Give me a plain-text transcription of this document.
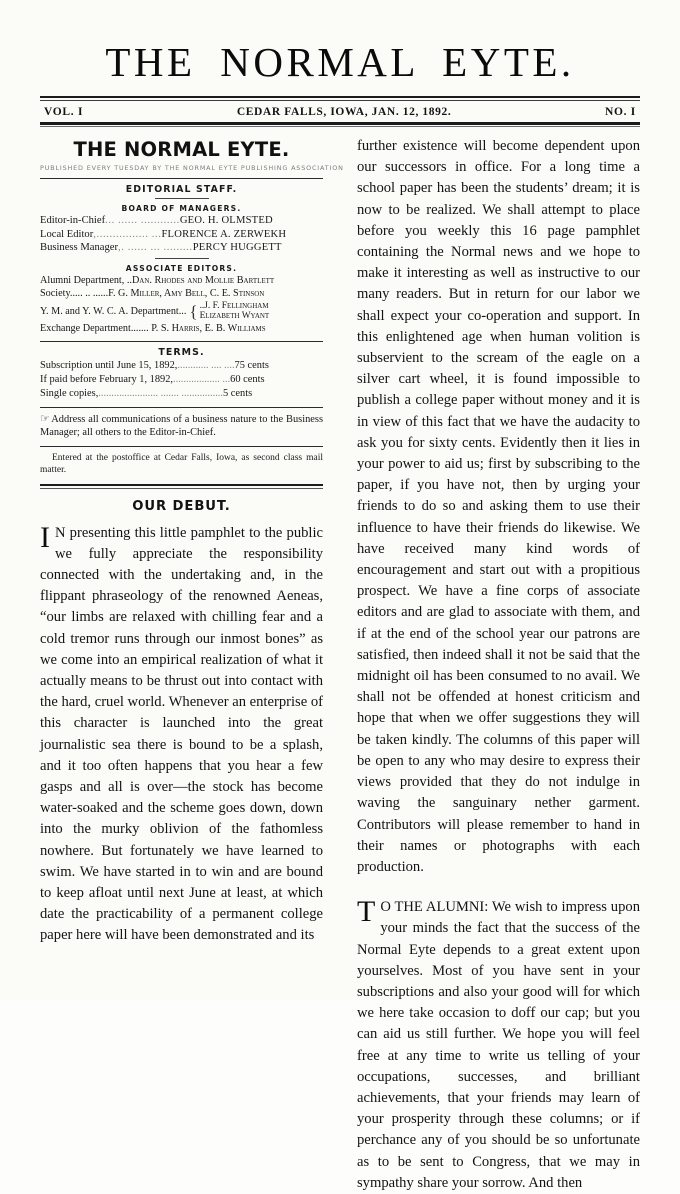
THE NORMAL EYTE.
VOL. I	CEDAR FALLS, IOWA, JAN. 12, 1892.	NO. I
THE NORMAL EYTE.
PUBLISHED EVERY TUESDAY BY THE NORMAL EYTE PUBLISHING ASSOCIATION
EDITORIAL STAFF.
BOARD OF MANAGERS.
Editor-in-Chief... ...... ............GEO. H. OLMSTED
Local Editor,................ ...FLORENCE A. ZERWEKH
Business Manager,. ...... ... .........PERCY HUGGETT
ASSOCIATE EDITORS.
Alumni Department, ..Dan. Rhodes and Mollie Bartlett
Society..... .. ......F. G. Miller, Amy Bell, C. E. Stinson
Y. M. and Y. W. C. A. Department... { ..J. F. Fellingham
Elizabeth Wyant
Exchange Department....... P. S. Harris, E. B. Williams
TERMS.
Subscription until June 15, 1892,............ .... ....75 cents
If paid before February 1, 1892,.................. ...60 cents
Single copies,....................... ....... ................5 cents
☞ Address all communications of a business nature to the Business Manager; all others to the Editor-in-Chief.
Entered at the postoffice at Cedar Falls, Iowa, as second class mail matter.
OUR DEBUT.
IN presenting this little pamphlet to the public we fully appreciate the responsibility connected with the undertaking and, in the flippant phraseology of the renowned Aeneas, “our limbs are relaxed with chilling fear and a cold tremor runs through our inmost bones” as we come into an empirical realization of what it actually means to be thrust out into contact with the hard, cruel world. Whenever an enterprise of this character is launched into the great journalistic sea there is bound to be a splash, and it too often happens that you hear a few gasps and all is over—the stock has become water-soaked and the scheme goes down, down into the murky oblivion of the fathomless nowhere. But fortunately we have learned to swim. We have started in to win and are bound to keep afloat until next June at least, at which date the practicability of a permanent college paper here will have been demonstrated and its
further existence will become dependent upon our successors in office. For a long time a school paper has been the students’ dream; it is now to be realized. We shall attempt to place before you weekly this 16 page pamphlet containing the Normal news and we hope to make it interesting as well as instructive to our many readers. But in return for our labor we shall expect your co-operation and support. In this enlightened age when human volition is subservient to the scream of the eagle on a silver cart wheel, it is found impossible to publish a college paper without money and it is in view of this fact that we have the audacity to ask you for sixty cents. Evidently then it lies in your power to aid us; first by subscribing to the paper, if you have not, then by urging your friends to do so and asking them to use their influence to have their friends do likewise. We have received many kind words of encouragement and start out with a propitious prospect. We have a fine corps of associate editors and are glad to associate with them, and if at the end of the school year our patrons are satisfied, then indeed shall it not be said that the midnight oil has been consumed to no avail. We shall not be offended at honest criticism and hope that when we offer suggestions they will be taken kindly. The columns of this paper will be open to any who may desire to express their views provided that they do not indulge in waving the sanguinary nether garment. Contributors will please remember to hand in their names or photographs with each production.
TO THE ALUMNI: We wish to impress upon your minds the fact that the success of the Normal Eyte depends to a great extent upon yourselves. Most of you have sent in your subscriptions and also your good will for which we here take occasion to doff our cap; but you can aid us still further. We hope you will feel free at any time to write us telling of your occupations, successes, and brilliant achievements, that your friends may learn of your prosperity through these columns; or if perchance any of you should be so unfortunate as to be sent to Congress, that we may in sympathy share your sorrow. And then
